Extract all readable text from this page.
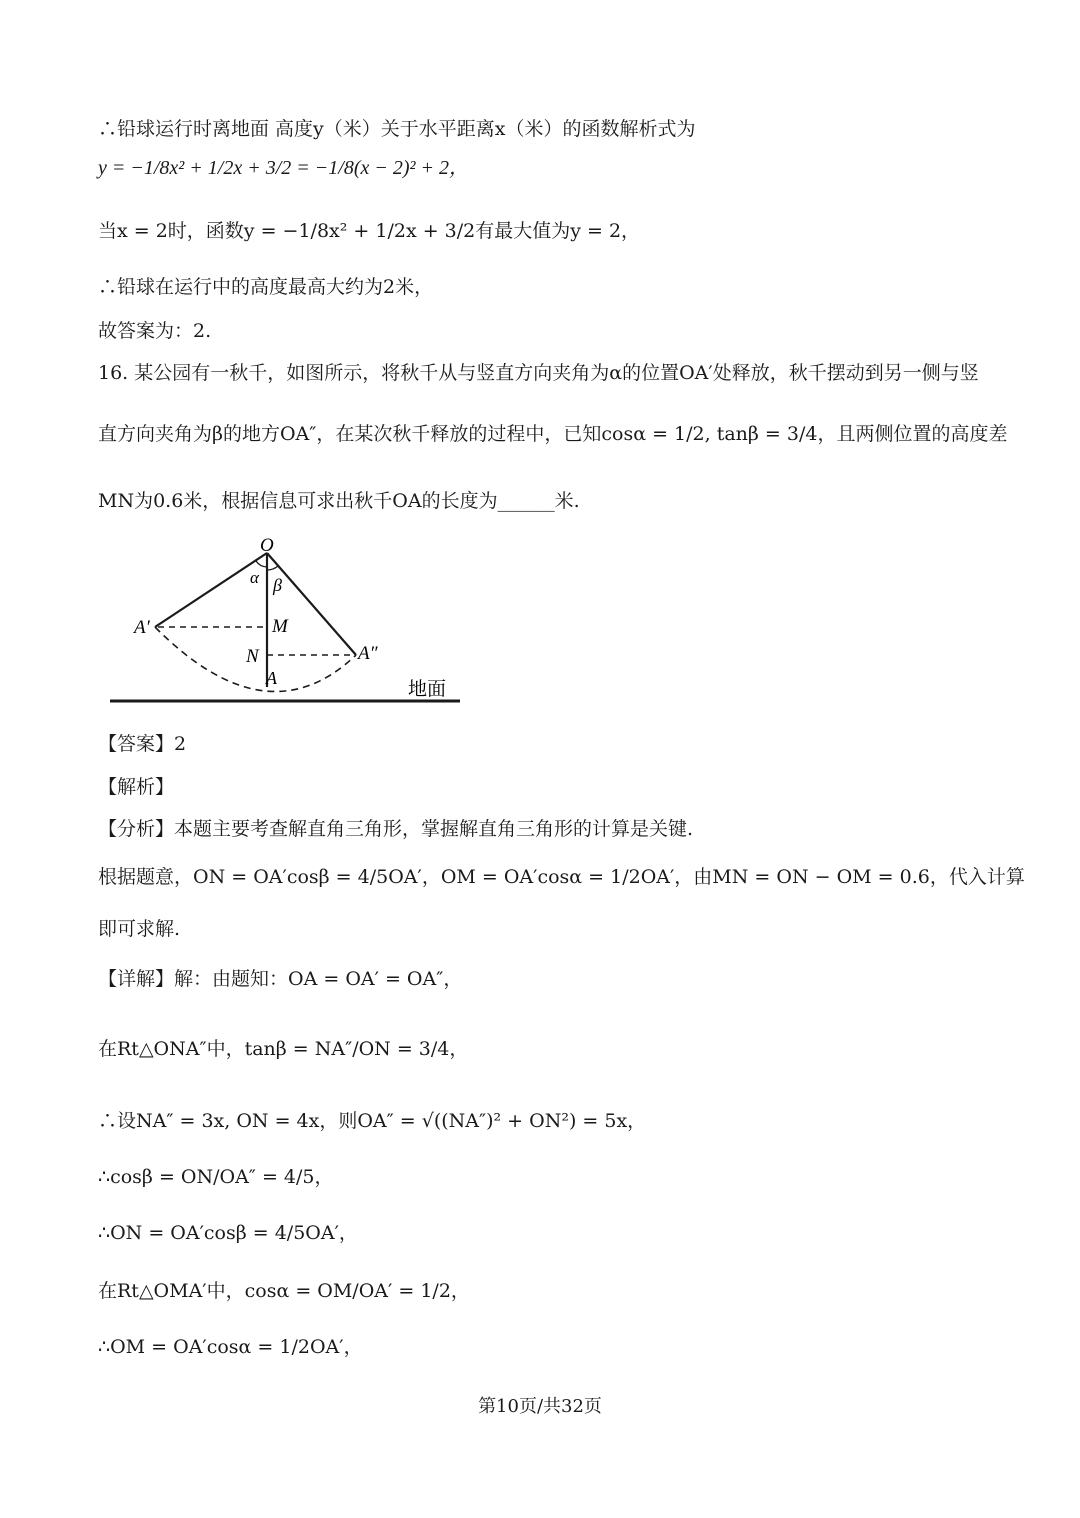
∴铅球运行时离地面 高度y（米）关于水平距离x（米）的函数解析式为
y = −1/8x² + 1/2x + 3/2 = −1/8(x − 2)² + 2，
当x = 2时，函数y = −1/8x² + 1/2x + 3/2有最大值为y = 2，
∴铅球在运行中的高度最高大约为2米，
故答案为：2.
16. 某公园有一秋千，如图所示，将秋千从与竖直方向夹角为α的位置OA′处释放，秋千摆动到另一侧与竖
直方向夹角为β的地方OA″，在某次秋千释放的过程中，已知cosα = 1/2, tanβ = 3/4，且两侧位置的高度差
MN为0.6米，根据信息可求出秋千OA的长度为______米.
O
α β
A′	M
N	A″
A	地面
【答案】2
【解析】
【分析】本题主要考查解直角三角形，掌握解直角三角形的计算是关键.
根据题意，ON = OA′cosβ = 4/5OA′，OM = OA′cosα = 1/2OA′，由MN = ON − OM = 0.6，代入计算
即可求解.
【详解】解：由题知：OA = OA′ = OA″，
在Rt△ONA″中，tanβ = NA″/ON = 3/4，
∴设NA″ = 3x, ON = 4x，则OA″ = √((NA″)² + ON²) = 5x，
∴cosβ = ON/OA″ = 4/5，
∴ON = OA′cosβ = 4/5OA′，
在Rt△OMA′中，cosα = OM/OA′ = 1/2，
∴OM = OA′cosα = 1/2OA′，
第10页/共32页
